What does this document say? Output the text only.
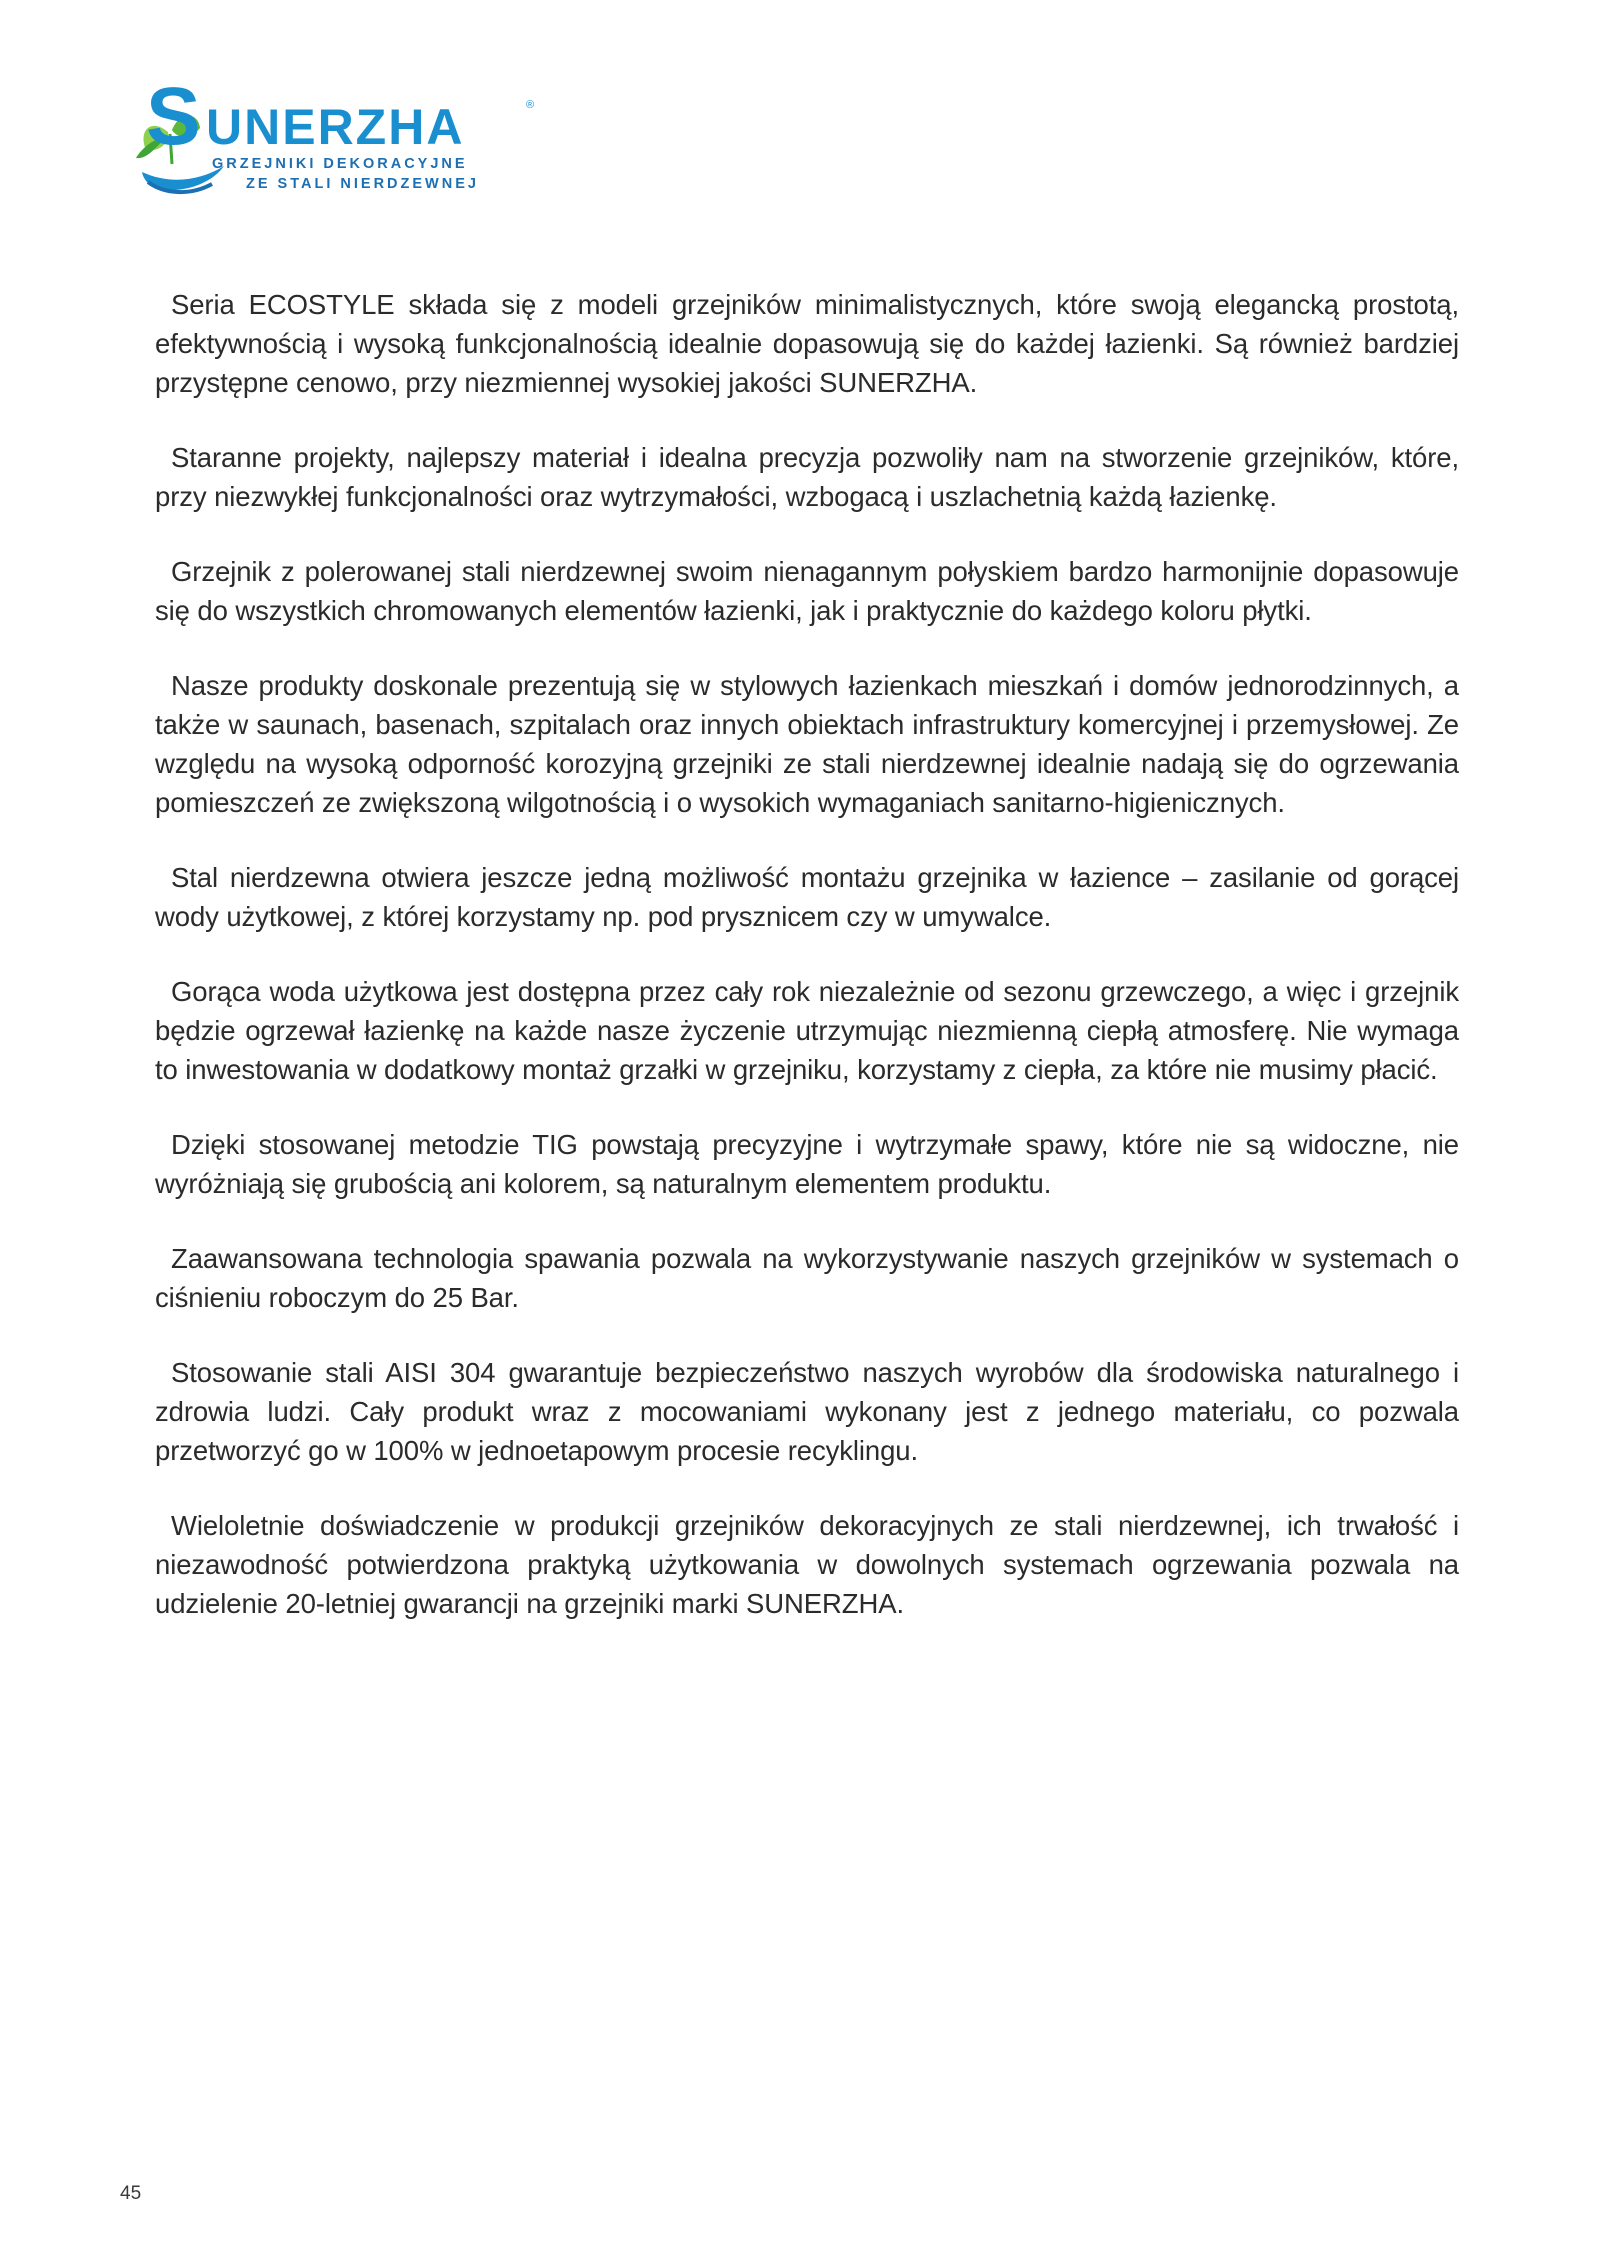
S UNERZHA	®
GRZEJNIKI DEKORACYJNE
ZE STALI NIERDZEWNEJ

Seria ECOSTYLE składa się z modeli grzejników minimalistycznych, które swoją elegancką prostotą, efektywnością i wysoką funkcjonalnością idealnie dopasowują się do każdej łazienki. Są również bardziej przystępne cenowo, przy niezmiennej wysokiej jakości SUNERZHA.

Staranne projekty, najlepszy materiał i idealna precyzja pozwoliły nam na stworzenie grzejników, które, przy niezwykłej funkcjonalności oraz wytrzymałości, wzbogacą i uszlachetnią każdą łazienkę.

Grzejnik z polerowanej stali nierdzewnej swoim nienagannym połyskiem bardzo harmonijnie dopasowuje się do wszystkich chromowanych elementów łazienki, jak i praktycznie do każdego koloru płytki.

Nasze produkty doskonale prezentują się w stylowych łazienkach mieszkań i domów jednorodzinnych, a także w saunach, basenach, szpitalach oraz innych obiektach infrastruktury komercyjnej i przemysłowej. Ze względu na wysoką odporność korozyjną grzejniki ze stali nierdzewnej idealnie nadają się do ogrzewania pomieszczeń ze zwiększoną wilgotnością i o wysokich wymaganiach sanitarno-higienicznych.

Stal nierdzewna otwiera jeszcze jedną możliwość montażu grzejnika w łazience – zasilanie od gorącej wody użytkowej, z której korzystamy np. pod prysznicem czy w umywalce.

Gorąca woda użytkowa jest dostępna przez cały rok niezależnie od sezonu grzewczego, a więc i grzejnik będzie ogrzewał łazienkę na każde nasze życzenie utrzymując niezmienną ciepłą atmosferę. Nie wymaga to inwestowania w dodatkowy montaż grzałki w grzejniku, korzystamy z ciepła, za które nie musimy płacić.

Dzięki stosowanej metodzie TIG powstają precyzyjne i wytrzymałe spawy, które nie są widoczne, nie wyróżniają się grubością ani kolorem, są naturalnym elementem produktu.

Zaawansowana technologia spawania pozwala na wykorzystywanie naszych grzejników w systemach o ciśnieniu roboczym do 25 Bar.

Stosowanie stali AISI 304 gwarantuje bezpieczeństwo naszych wyrobów dla środowiska naturalnego i zdrowia ludzi. Cały produkt wraz z mocowaniami wykonany jest z jednego materiału, co pozwala przetworzyć go w 100% w jednoetapowym procesie recyklingu.

Wieloletnie doświadczenie w produkcji grzejników dekoracyjnych ze stali nierdzewnej, ich trwałość i niezawodność potwierdzona praktyką użytkowania w dowolnych systemach ogrzewania pozwala na udzielenie 20-letniej gwarancji na grzejniki marki SUNERZHA.

45
